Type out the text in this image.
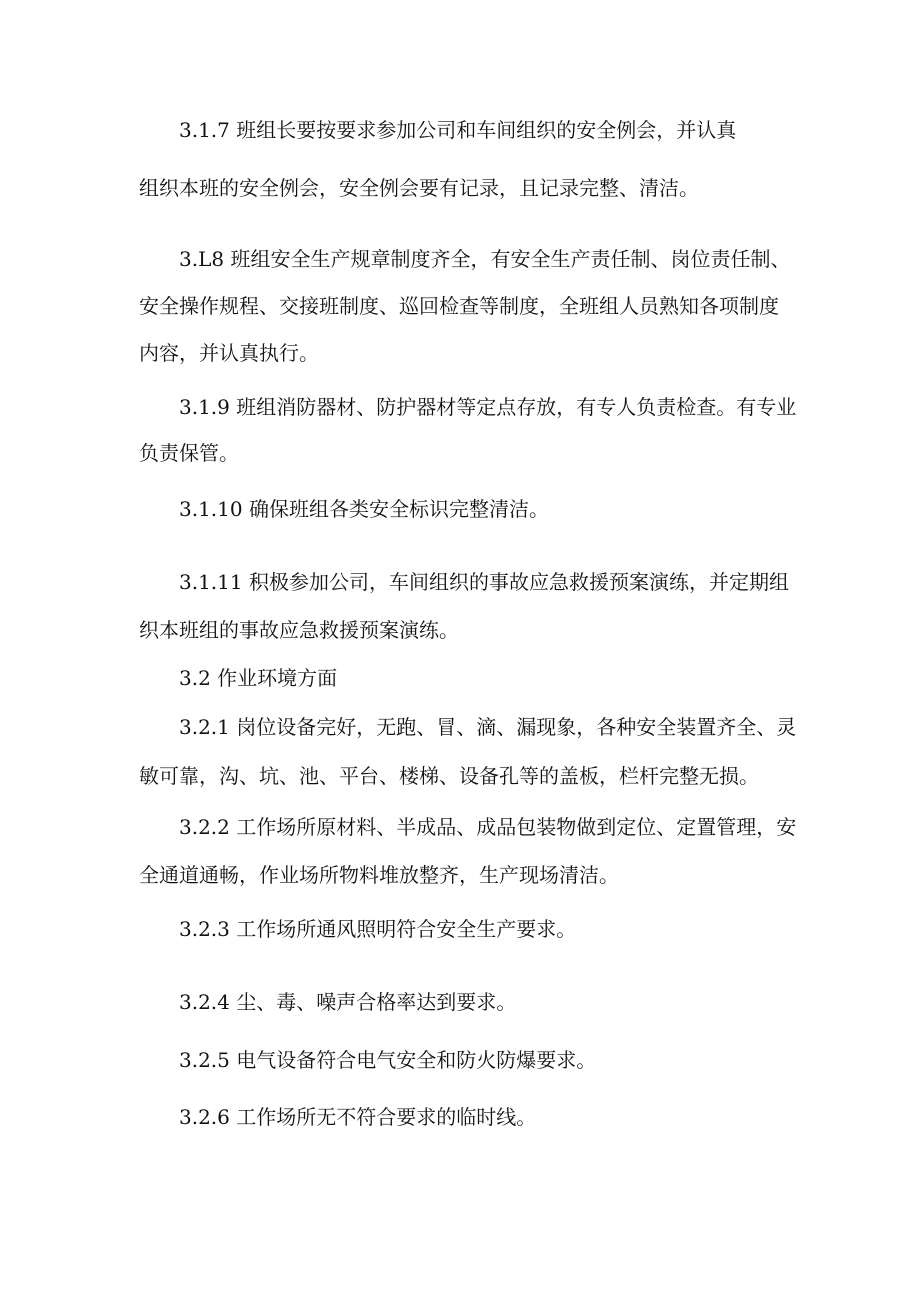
3.1.7 班组长要按要求参加公司和车间组织的安全例会，并认真

组织本班的安全例会，安全例会要有记录，且记录完整、清洁。

3.L8 班组安全生产规章制度齐全，有安全生产责任制、岗位责任制、

安全操作规程、交接班制度、巡回检查等制度，全班组人员熟知各项制度

内容，并认真执行。

3.1.9 班组消防器材、防护器材等定点存放，有专人负责检查。有专业

负责保管。

3.1.10 确保班组各类安全标识完整清洁。

3.1.11 积极参加公司，车间组织的事故应急救援预案演练，并定期组

织本班组的事故应急救援预案演练。

3.2 作业环境方面

3.2.1 岗位设备完好，无跑、冒、滴、漏现象，各种安全装置齐全、灵

敏可靠，沟、坑、池、平台、楼梯、设备孔等的盖板，栏杆完整无损。

3.2.2 工作场所原材料、半成品、成品包装物做到定位、定置管理，安

全通道通畅，作业场所物料堆放整齐，生产现场清洁。

3.2.3 工作场所通风照明符合安全生产要求。

3.2.4 尘、毒、噪声合格率达到要求。

3.2.5 电气设备符合电气安全和防火防爆要求。

3.2.6 工作场所无不符合要求的临时线。
